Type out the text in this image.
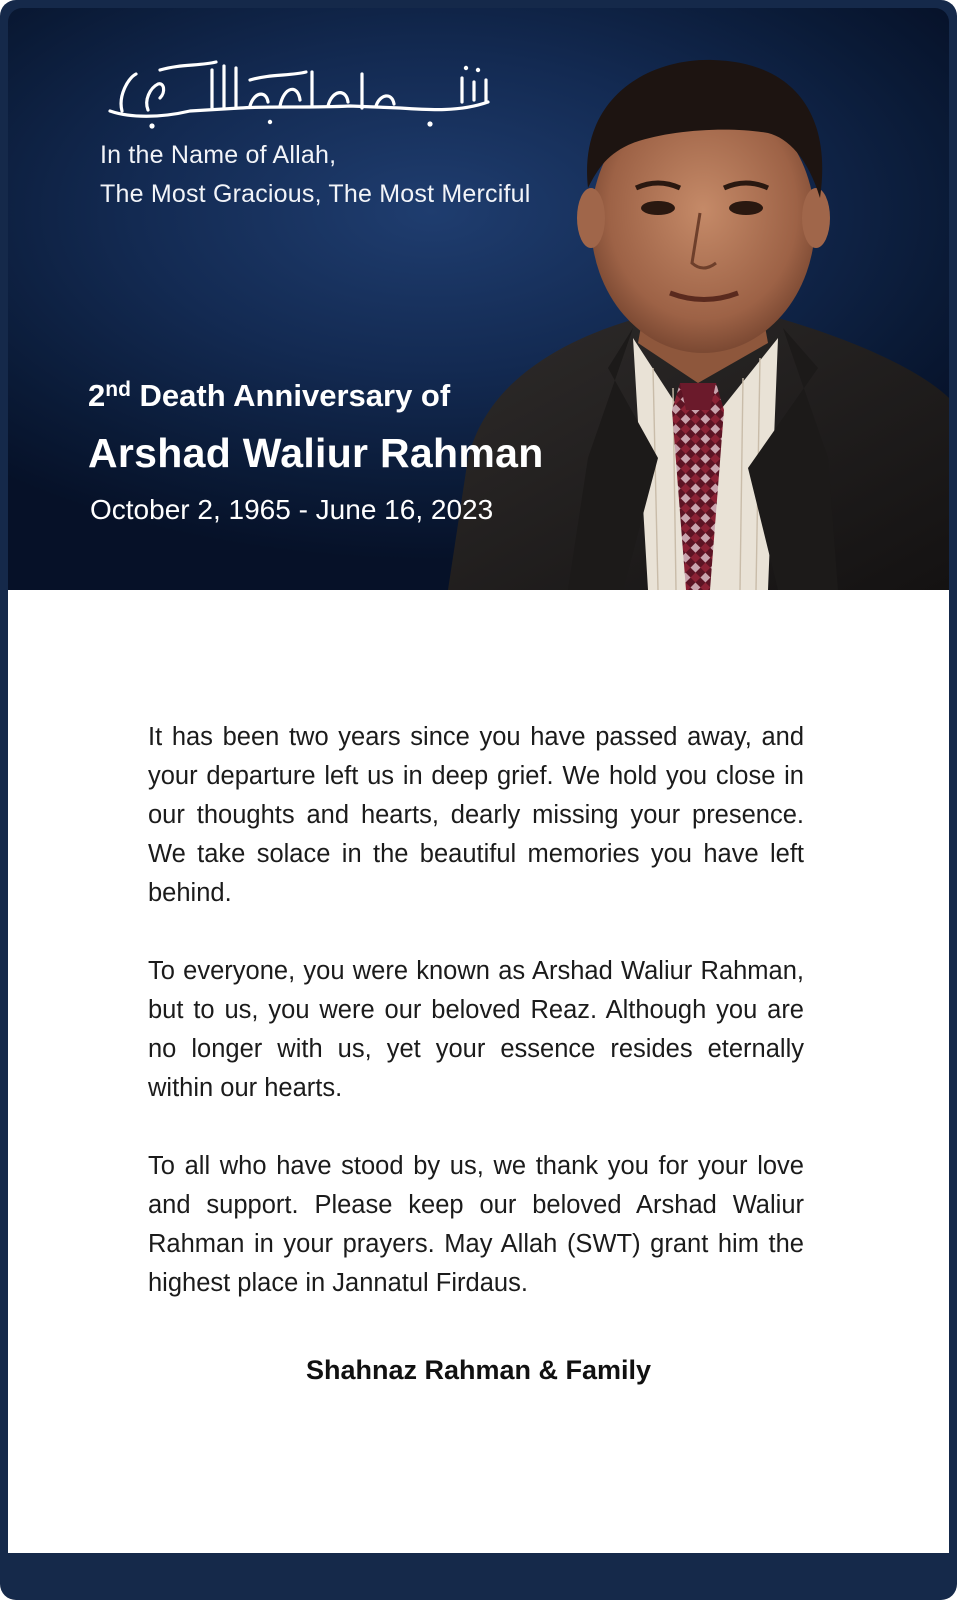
In the Name of Allah,
The Most Gracious, The Most Merciful
2nd Death Anniversary of
Arshad Waliur Rahman
October 2, 1965 - June 16, 2023

It has been two years since you have passed away, and your departure left us in deep grief. We hold you close in our thoughts and hearts, dearly missing your presence. We take solace in the beautiful memories you have left behind.

To everyone, you were known as Arshad Waliur Rahman, but to us, you were our beloved Reaz. Although you are no longer with us, yet your essence resides eternally within our hearts.

To all who have stood by us, we thank you for your love and support. Please keep our beloved Arshad Waliur Rahman in your prayers. May Allah (SWT) grant him the highest place in Jannatul Firdaus.

Shahnaz Rahman & Family
